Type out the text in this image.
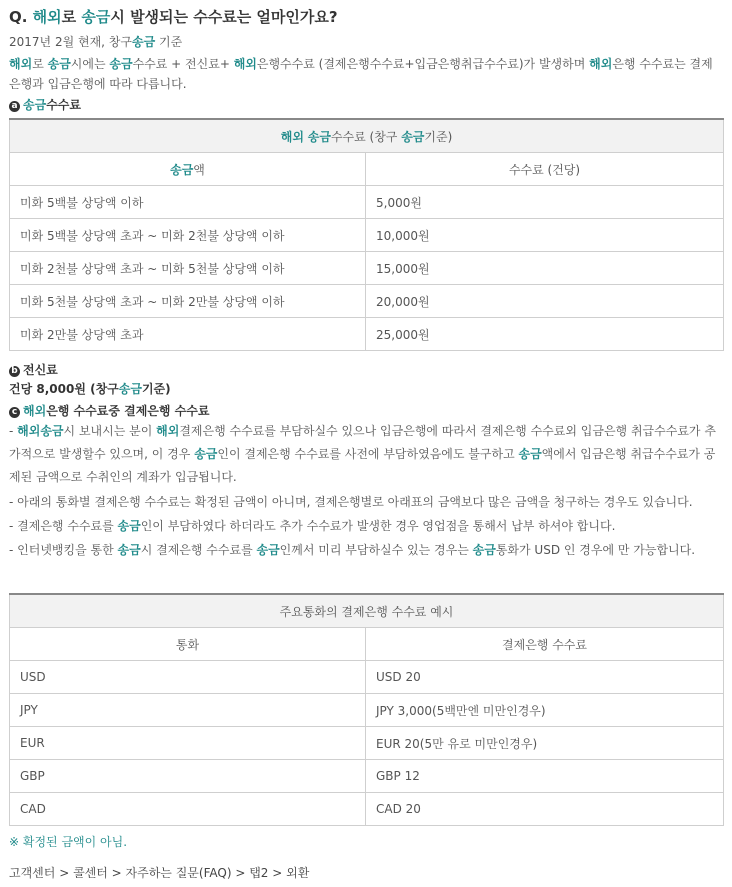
Q. 해외로 송금시 발생되는 수수료는 얼마인가요?
2017년 2월 현재, 창구송금 기준
해외로 송금시에는 송금수수료 + 전신료+ 해외은행수수료 (결제은행수수료+입금은행취급수수료)가 발생하며 해외은행 수수료는 결제은행과 입금은행에 따라 다릅니다.
a 송금수수료
해외 송금수수료 (창구 송금기준)	
송금액	수수료 (건당)
미화 5백불 상당액 이하	5,000원
미화 5백불 상당액 초과 ~ 미화 2천불 상당액 이하	10,000원
미화 2천불 상당액 초과 ~ 미화 5천불 상당액 이하	15,000원
미화 5천불 상당액 초과 ~ 미화 2만불 상당액 이하	20,000원
미화 2만불 상당액 초과	25,000원
b 전신료
건당 8,000원 (창구송금기준)
c 해외은행 수수료중 결제은행 수수료
- 해외송금시 보내시는 분이 해외결제은행 수수료를 부담하실수 있으나 입금은행에 따라서 결제은행 수수료외 입금은행 취급수수료가 추가적으로 발생할수 있으며, 이 경우 송금인이 결제은행 수수료를 사전에 부담하였음에도 불구하고 송금액에서 입금은행 취급수수료가 공제된 금액으로 수취인의 계좌가 입금됩니다.
- 아래의 통화별 결제은행 수수료는 확정된 금액이 아니며, 결제은행별로 아래표의 금액보다 많은 금액을 청구하는 경우도 있습니다.
- 결제은행 수수료를 송금인이 부담하였다 하더라도 추가 수수료가 발생한 경우 영업점을 통해서 납부 하셔야 합니다.
- 인터넷뱅킹을 통한 송금시 결제은행 수수료를 송금인께서 미리 부담하실수 있는 경우는 송금통화가 USD 인 경우에 만 가능합니다.
주요통화의 결제은행 수수료 예시	
통화	결제은행 수수료
USD	USD 20
JPY	JPY 3,000(5백만엔 미만인경우)
EUR	EUR 20(5만 유로 미만인경우)
GBP	GBP 12
CAD	CAD 20
※ 확정된 금액이 아님.
고객센터 > 콜센터 > 자주하는 질문(FAQ) > 탭2 > 외환
